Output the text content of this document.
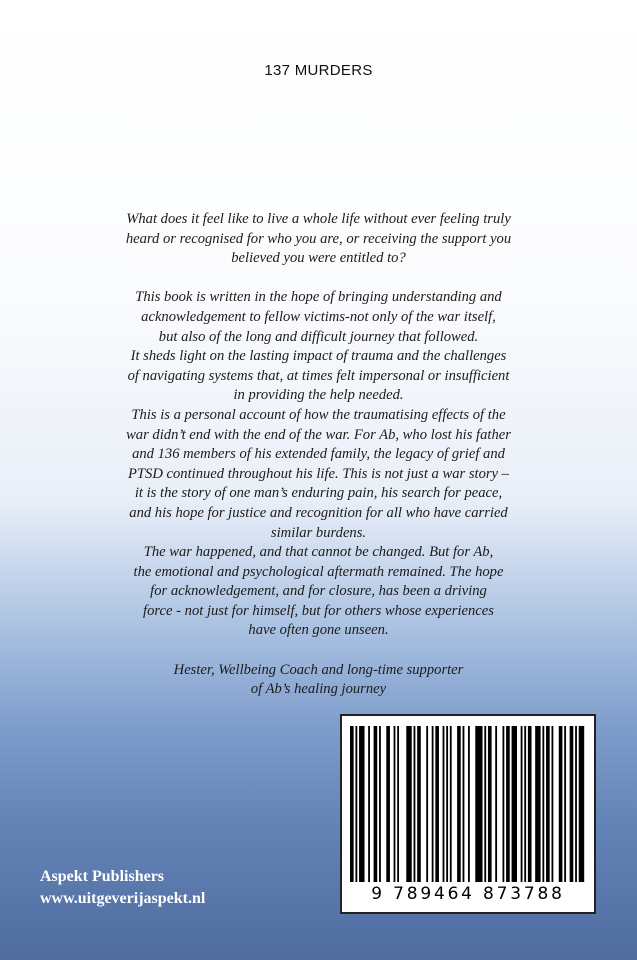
137 MURDERS

What does it feel like to live a whole life without ever feeling truly
heard or recognised for who you are, or receiving the support you
believed you were entitled to?

This book is written in the hope of bringing understanding and
acknowledgement to fellow victims-not only of the war itself,
but also of the long and difficult journey that followed.
It sheds light on the lasting impact of trauma and the challenges
of navigating systems that, at times felt impersonal or insufficient
in providing the help needed.
This is a personal account of how the traumatising effects of the
war didn’t end with the end of the war. For Ab, who lost his father
and 136 members of his extended family, the legacy of grief and
PTSD continued throughout his life. This is not just a war story –
it is the story of one man’s enduring pain, his search for peace,
and his hope for justice and recognition for all who have carried
similar burdens.
The war happened, and that cannot be changed. But for Ab,
the emotional and psychological aftermath remained. The hope
for acknowledgement, and for closure, has been a driving
force - not just for himself, but for others whose experiences
have often gone unseen.

Hester, Wellbeing Coach and long-time supporter
of Ab’s healing journey

Aspekt Publishers
www.uitgeverijaspekt.nl	9 789464 873788
